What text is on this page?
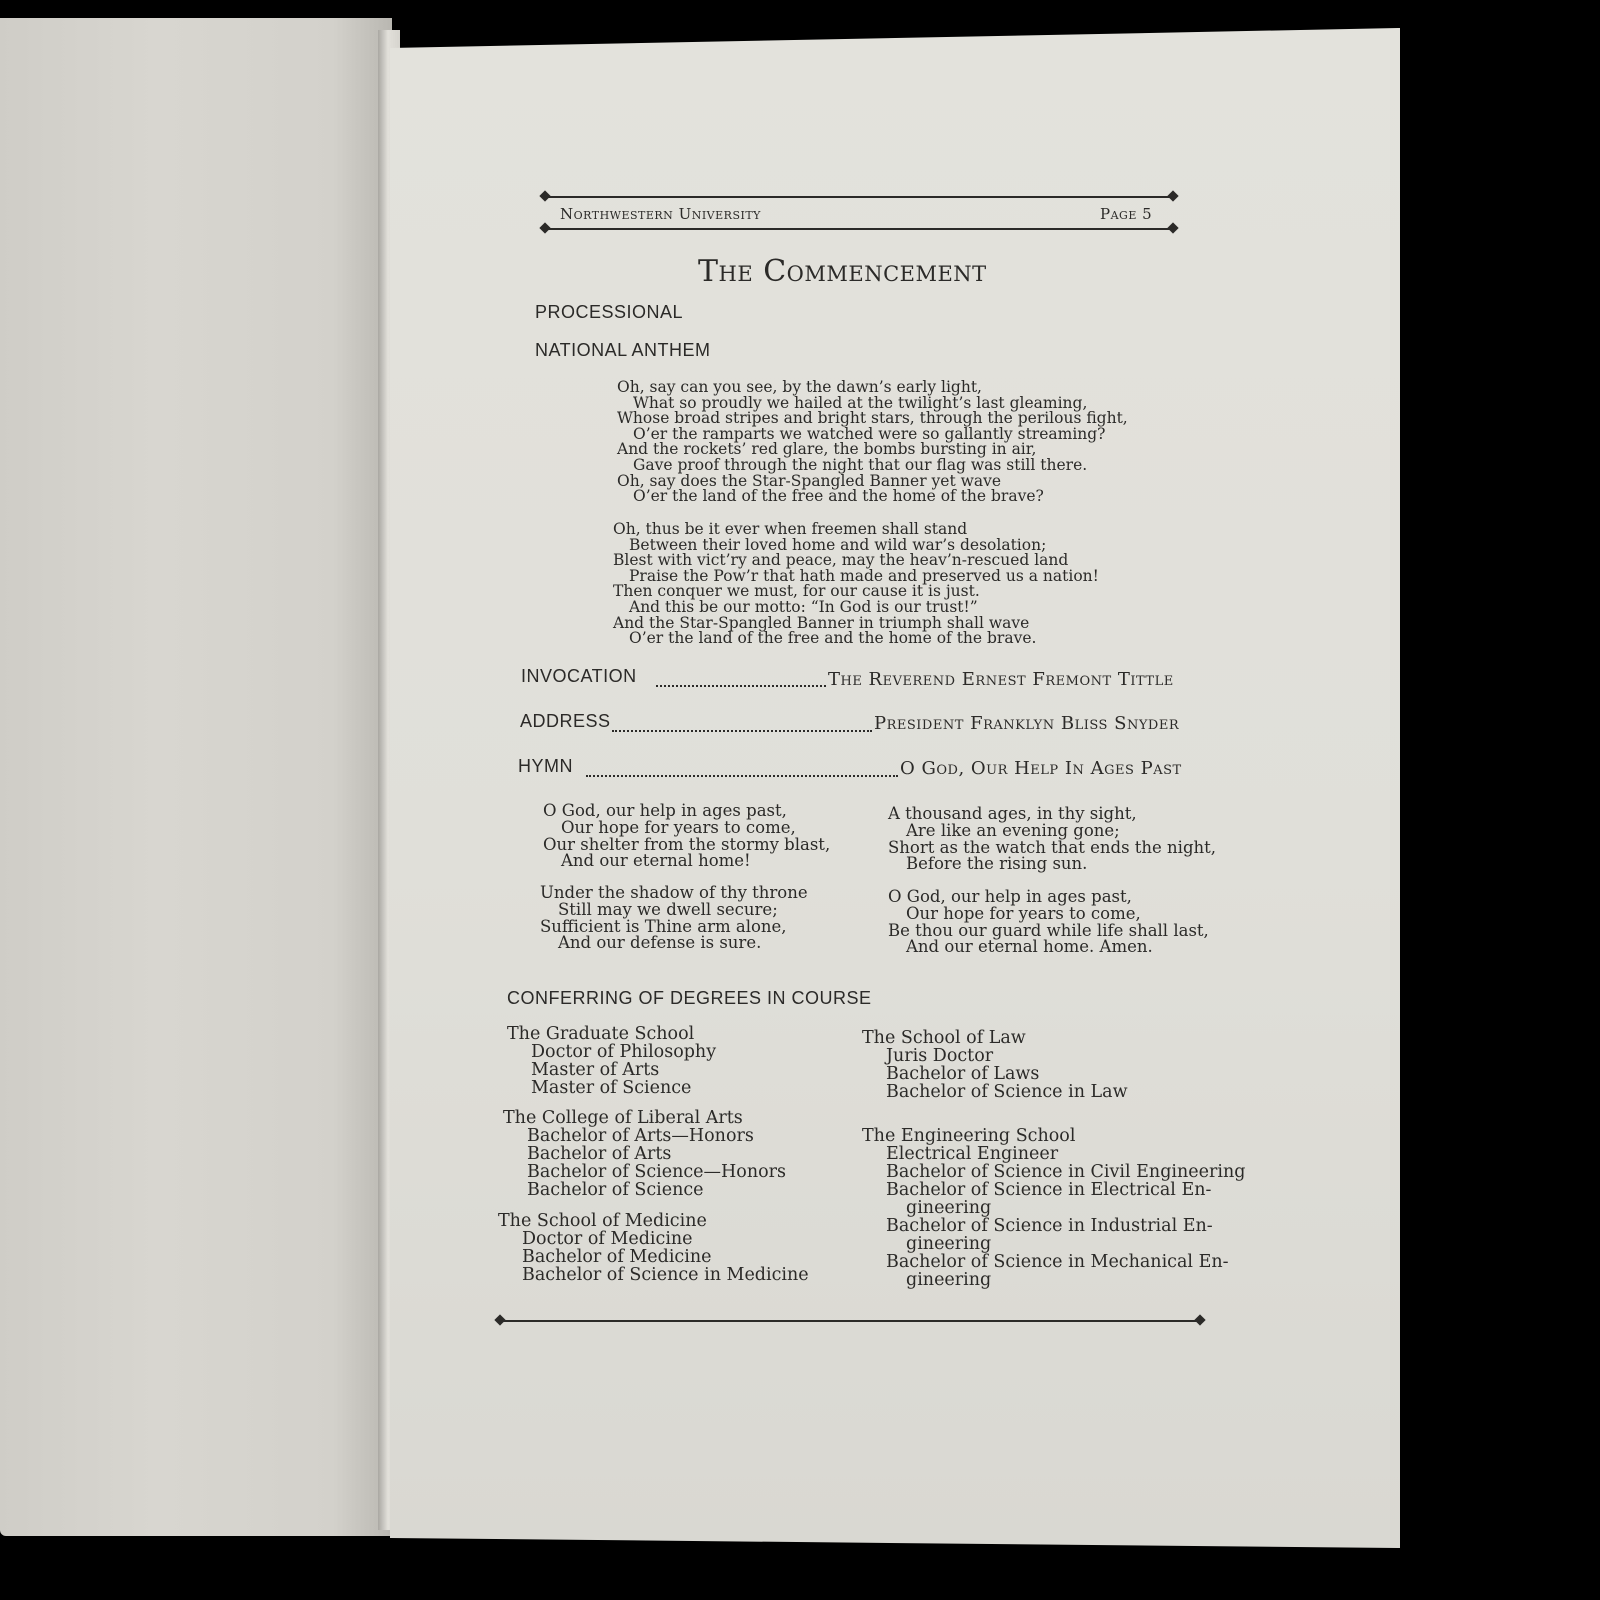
Northwestern University	Page 5
The Commencement
PROCESSIONAL
NATIONAL ANTHEM
Oh, say can you see, by the dawn’s early light,
What so proudly we hailed at the twilight’s last gleaming,
Whose broad stripes and bright stars, through the perilous fight,
O’er the ramparts we watched were so gallantly streaming?
And the rockets’ red glare, the bombs bursting in air,
Gave proof through the night that our flag was still there.
Oh, say does the Star-Spangled Banner yet wave
O’er the land of the free and the home of the brave?
Oh, thus be it ever when freemen shall stand
Between their loved home and wild war’s desolation;
Blest with vict’ry and peace, may the heav’n-rescued land
Praise the Pow’r that hath made and preserved us a nation!
Then conquer we must, for our cause it is just.
And this be our motto: “In God is our trust!”
And the Star-Spangled Banner in triumph shall wave
O’er the land of the free and the home of the brave.
INVOCATION	The Reverend Ernest Fremont Tittle
ADDRESS	President Franklyn Bliss Snyder
HYMN	O God, Our Help In Ages Past
O God, our help in ages past,
Our hope for years to come,
Our shelter from the stormy blast,
And our eternal home!
Under the shadow of thy throne
Still may we dwell secure;
Sufficient is Thine arm alone,
And our defense is sure.
A thousand ages, in thy sight,
Are like an evening gone;
Short as the watch that ends the night,
Before the rising sun.
O God, our help in ages past,
Our hope for years to come,
Be thou our guard while life shall last,
And our eternal home. Amen.
CONFERRING OF DEGREES IN COURSE
The Graduate School
Doctor of Philosophy
Master of Arts
Master of Science
The College of Liberal Arts
Bachelor of Arts—Honors
Bachelor of Arts
Bachelor of Science—Honors
Bachelor of Science
The School of Medicine
Doctor of Medicine
Bachelor of Medicine
Bachelor of Science in Medicine
The School of Law
Juris Doctor
Bachelor of Laws
Bachelor of Science in Law
The Engineering School
Electrical Engineer
Bachelor of Science in Civil Engineering
Bachelor of Science in Electrical En-
gineering
Bachelor of Science in Industrial En-
gineering
Bachelor of Science in Mechanical En-
gineering
